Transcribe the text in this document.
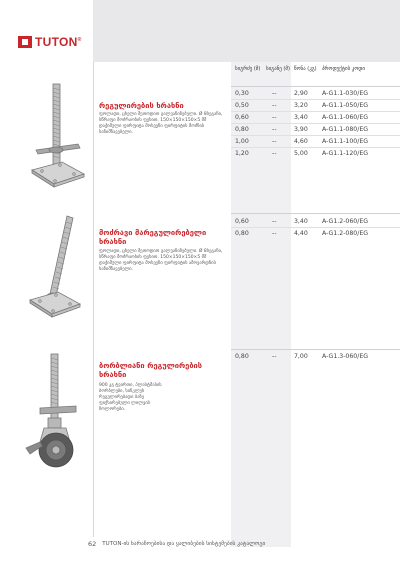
TUTON®
სიგრძე (მ)	სიგანე (მ) წონა (კგ)	პროდუქტის კოდი
რეგულირების ხრახნი
ფოლადი, ცხელი მეთოდით გალვანიზებული. Ø 8სეგანი, სწრაფი მოძრაობის ფეხით. 150×150×150×5 მმ დაჭიმული ფირფიტა მოსვენი ფირფიტის მოძნის სანიშნავებელი.
0,30	--	2,90 A-G1.1-030/EG
0,50	--	3,20 A-G1.1-050/EG
0,60	--	3,40 A-G1.1-060/EG
0,80	--	3,90 A-G1.1-080/EG
1,00	--	4,60 A-G1.1-100/EG
1,20	--	5,00 A-G1.1-120/EG
მოძრავი მარეგულირებელი ხრახნი
ფოლადი, ცხელი მეთოდით გალვანიზებული. Ø 8სეგანი, სწრაფი მოძრაობის ფეხით. 150×150×150×5 მმ დაჭიმული ფირფიტა მოსვენი ფირფიტის ამოვარდნის სანიშნავებელი.
0,60	--	3,40 A-G1.2-060/EG
0,80	--	4,40 A-G1.2-080/EG
ბორბლიანი რეგულირების ხრახნი
900 კგ ტვირთი, პლასტმასის ბორბლები, სინკლუს რეგულირებადი ბაზე ფიქსირებული ლილვის ზოლორები.
0,80	--	7,00 A-G1.3-060/EG
62 TUTON-ის ხარაჩოებისა და ყალიბების სისტემების კატალოგი
